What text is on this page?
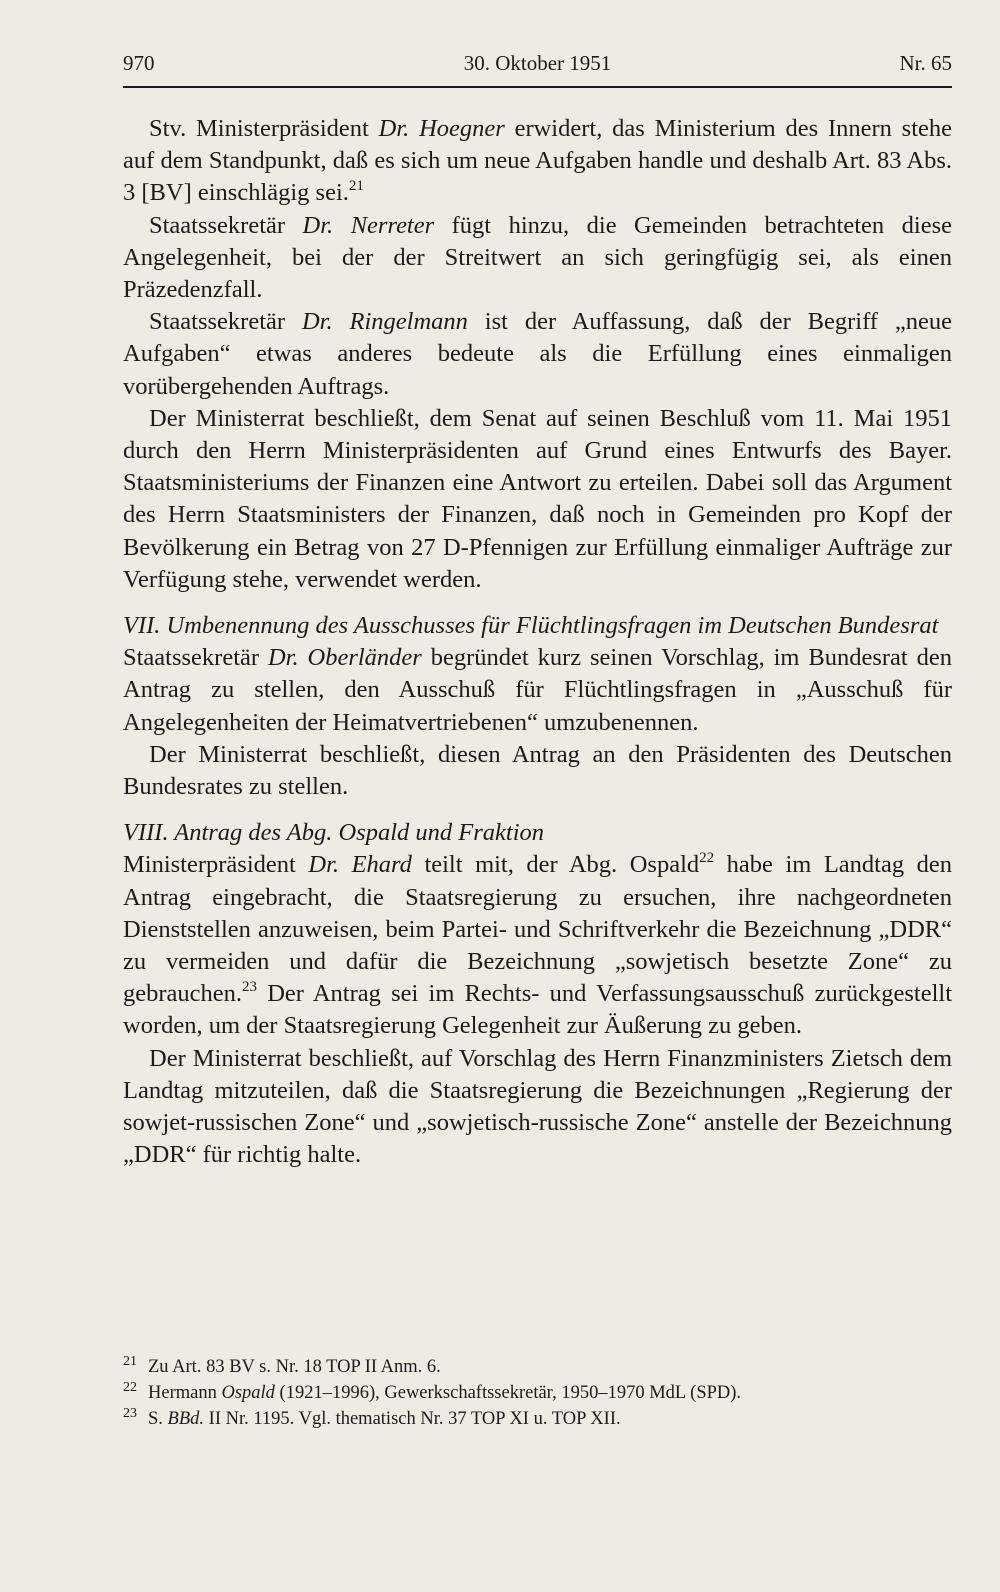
970	30. Oktober 1951	Nr. 65

Stv. Ministerpräsident Dr. Hoegner erwidert, das Ministerium des Innern stehe auf dem Standpunkt, daß es sich um neue Aufgaben handle und deshalb Art. 83 Abs. 3 [BV] einschlägig sei.$^{21}$

Staatssekretär Dr. Nerreter fügt hinzu, die Gemeinden betrachteten diese Angelegenheit, bei der der Streitwert an sich geringfügig sei, als einen Präzedenzfall.

Staatssekretär Dr. Ringelmann ist der Auffassung, daß der Begriff „neue Aufgaben“ etwas anderes bedeute als die Erfüllung eines einmaligen vorübergehenden Auftrags.

Der Ministerrat beschließt, dem Senat auf seinen Beschluß vom 11. Mai 1951 durch den Herrn Ministerpräsidenten auf Grund eines Entwurfs des Bayer. Staatsministeriums der Finanzen eine Antwort zu erteilen. Dabei soll das Argument des Herrn Staatsministers der Finanzen, daß noch in Gemeinden pro Kopf der Bevölkerung ein Betrag von 27 D-Pfennigen zur Erfüllung einmaliger Aufträge zur Verfügung stehe, verwendet werden.

VII. Umbenennung des Ausschusses für Flüchtlingsfragen im Deutschen Bundesrat

Staatssekretär Dr. Oberländer begründet kurz seinen Vorschlag, im Bundesrat den Antrag zu stellen, den Ausschuß für Flüchtlingsfragen in „Ausschuß für Angelegenheiten der Heimatvertriebenen“ umzubenennen.

Der Ministerrat beschließt, diesen Antrag an den Präsidenten des Deutschen Bundesrates zu stellen.

VIII. Antrag des Abg. Ospald und Fraktion

Ministerpräsident Dr. Ehard teilt mit, der Abg. Ospald$^{22}$ habe im Landtag den Antrag eingebracht, die Staatsregierung zu ersuchen, ihre nachgeordneten Dienststellen anzuweisen, beim Partei- und Schriftverkehr die Bezeichnung „DDR“ zu vermeiden und dafür die Bezeichnung „sowjetisch besetzte Zone“ zu gebrauchen.$^{23}$ Der Antrag sei im Rechts- und Verfassungsausschuß zurückgestellt worden, um der Staatsregierung Gelegenheit zur Äußerung zu geben.

Der Ministerrat beschließt, auf Vorschlag des Herrn Finanzministers Zietsch dem Landtag mitzuteilen, daß die Staatsregierung die Bezeichnungen „Regierung der sowjet-russischen Zone“ und „sowjetisch-russische Zone“ anstelle der Bezeichnung „DDR“ für richtig halte.

21 Zu Art. 83 BV s. Nr. 18 TOP II Anm. 6.
22 Hermann Ospald (1921–1996), Gewerkschaftssekretär, 1950–1970 MdL (SPD).
23 S. BBd. II Nr. 1195. Vgl. thematisch Nr. 37 TOP XI u. TOP XII.
